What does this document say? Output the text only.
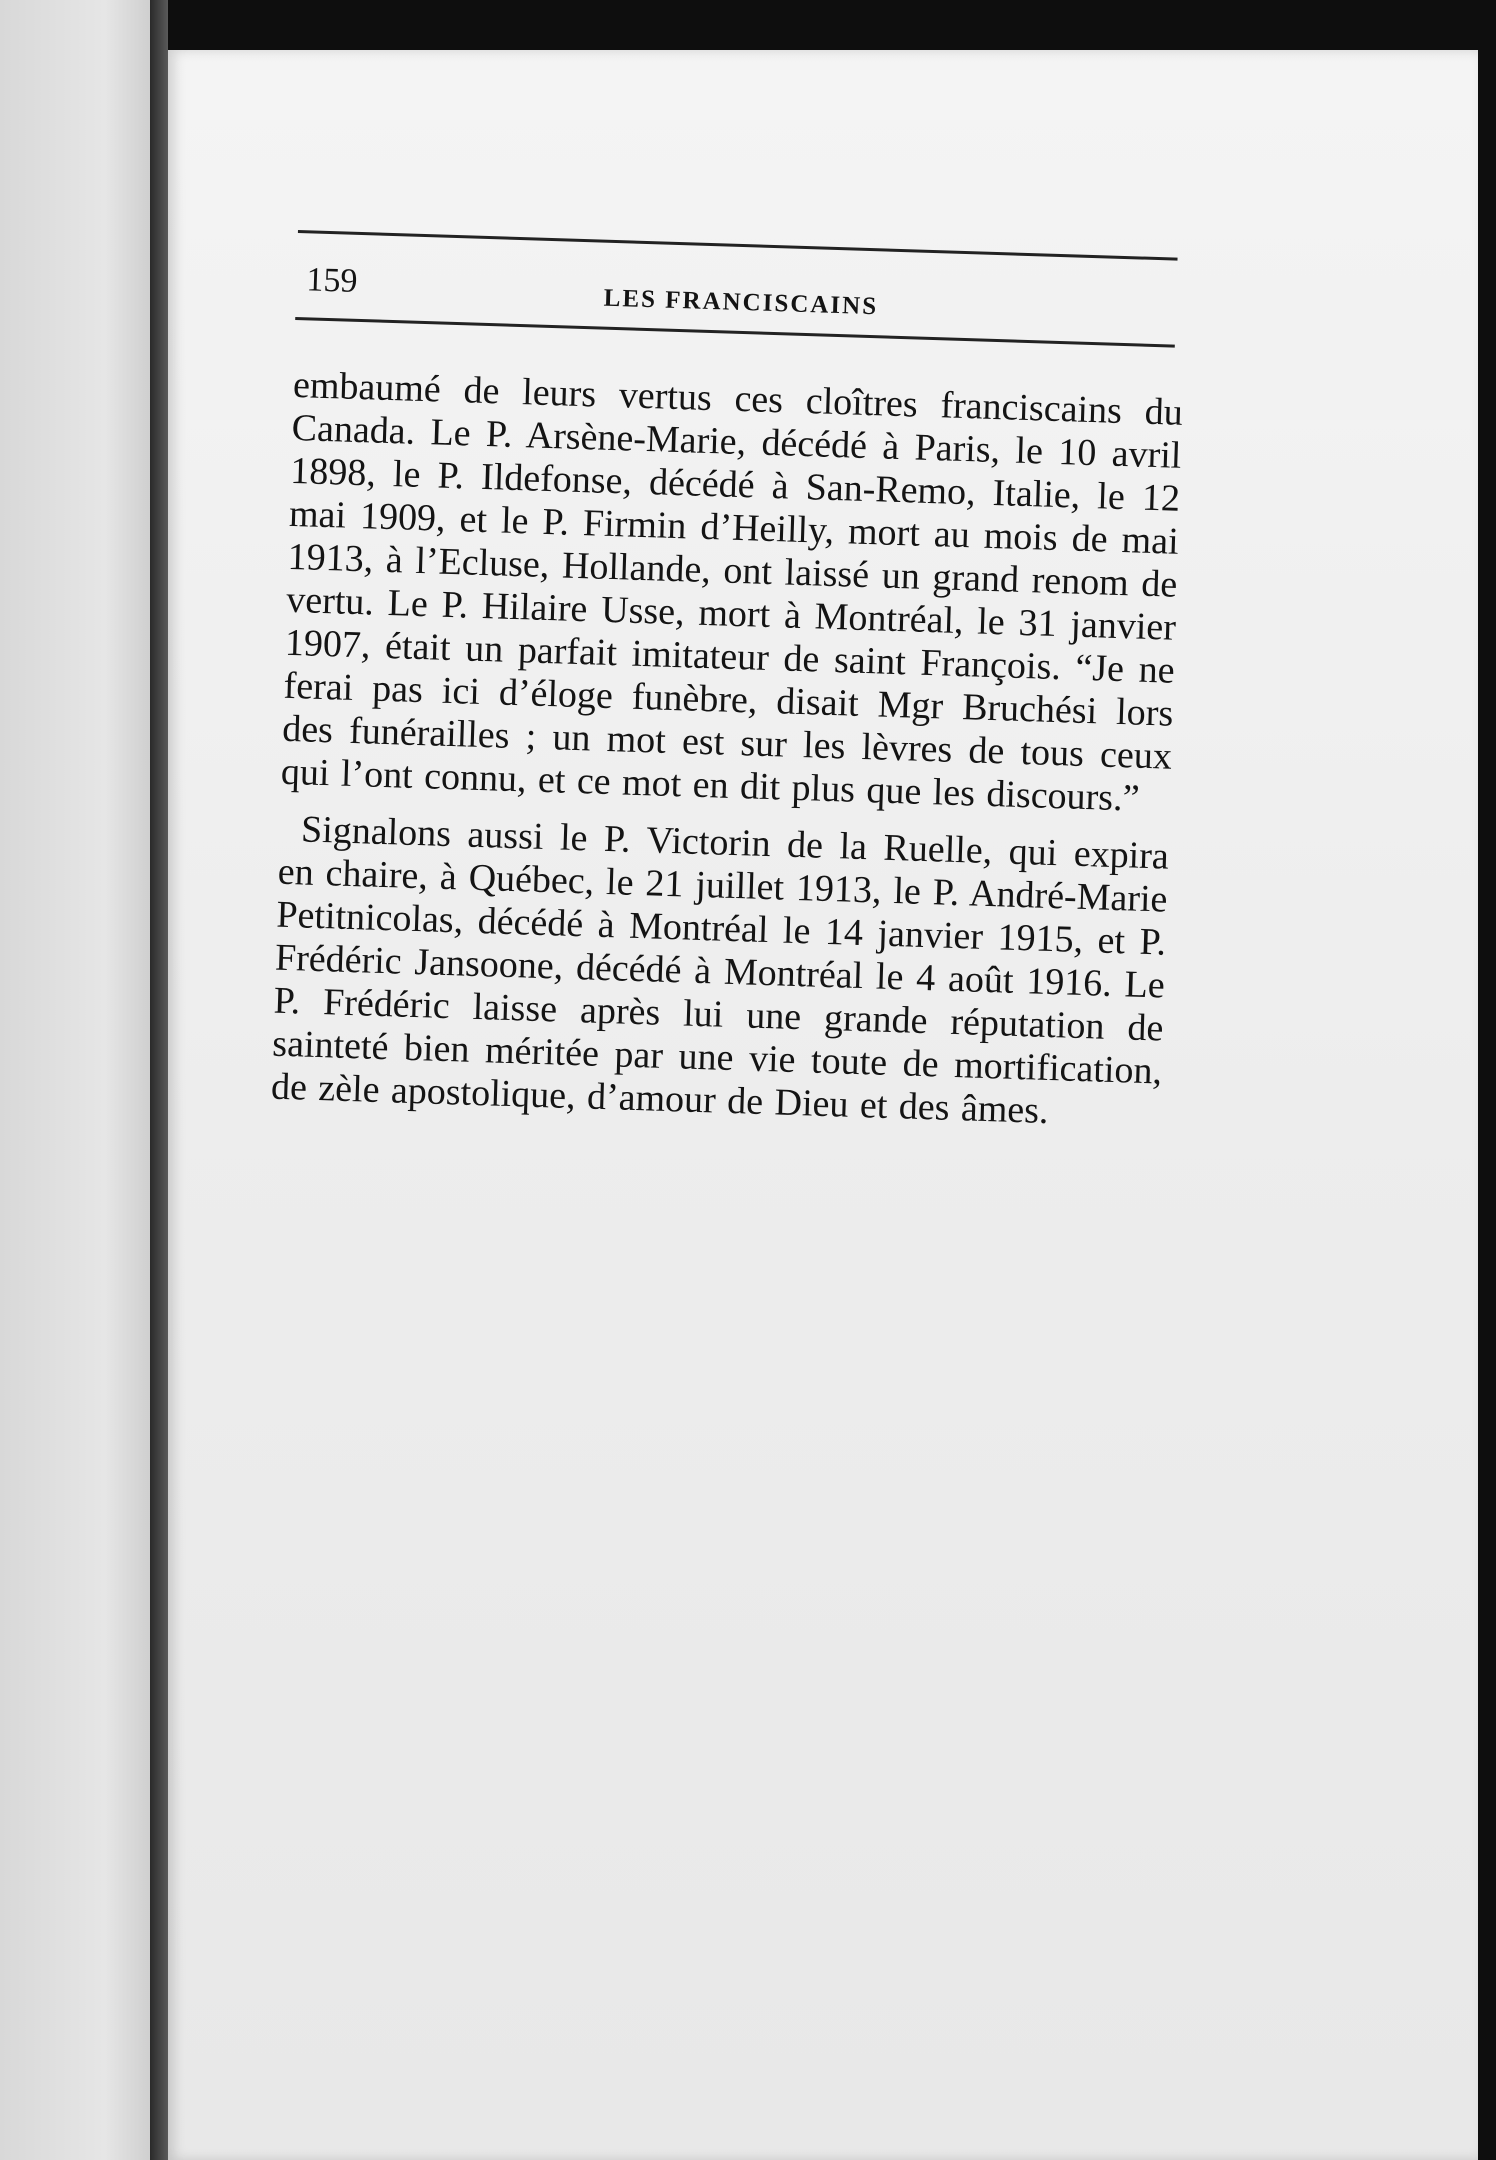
159
LES FRANCISCAINS

embaumé de leurs vertus ces cloîtres franciscains du Canada. Le P. Arsène-Marie, décédé à Paris, le 10 avril 1898, le P. Ildefonse, décédé à San-Remo, Italie, le 12 mai 1909, et le P. Firmin d’Heilly, mort au mois de mai 1913, à l’Ecluse, Hollande, ont laissé un grand renom de vertu. Le P. Hilaire Usse, mort à Montréal, le 31 janvier 1907, était un parfait imitateur de saint François. “Je ne ferai pas ici d’éloge funèbre, disait Mgr Bruchési lors des funérailles ; un mot est sur les lèvres de tous ceux qui l’ont connu, et ce mot en dit plus que les discours.”

Signalons aussi le P. Victorin de la Ruelle, qui expira en chaire, à Québec, le 21 juillet 1913, le P. André-Marie Petitnicolas, décédé à Montréal le 14 janvier 1915, et P. Frédéric Jansoone, décédé à Montréal le 4 août 1916. Le P. Frédéric laisse après lui une grande réputation de sainteté bien méritée par une vie toute de mortification, de zèle apostolique, d’amour de Dieu et des âmes.
